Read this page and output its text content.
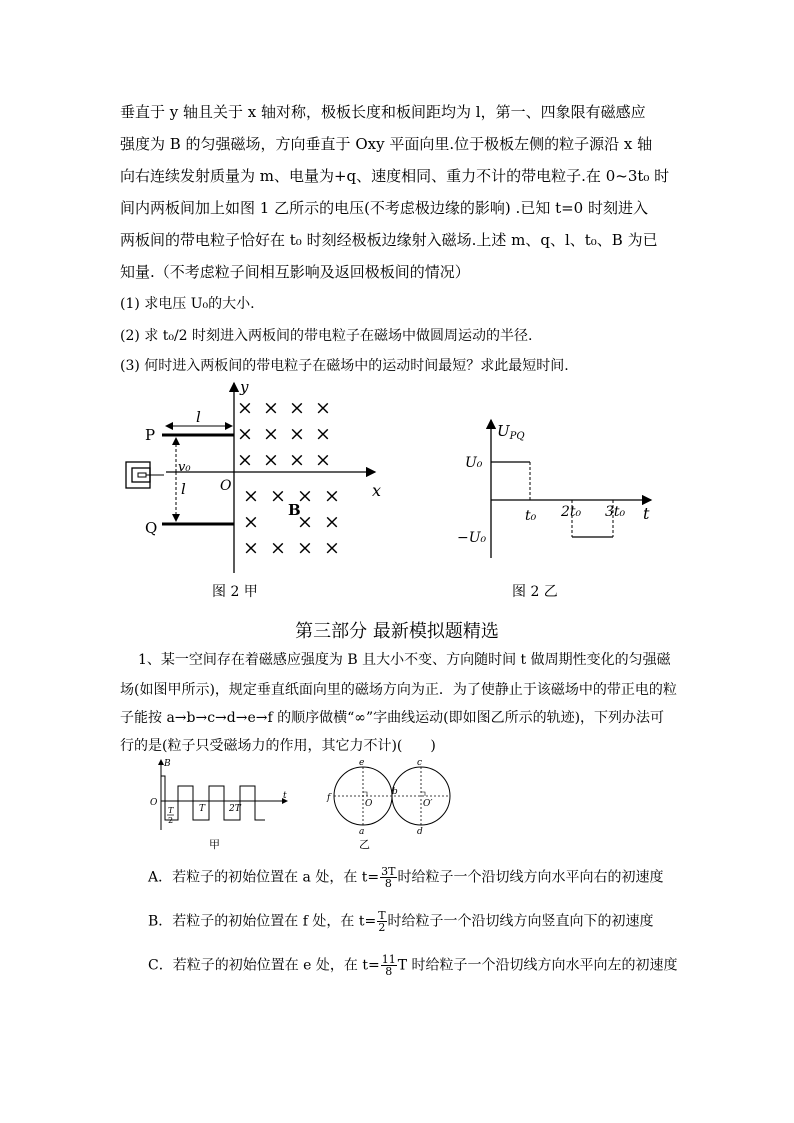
垂直于 y 轴且关于 x 轴对称，极板长度和板间距均为 l，第一、四象限有磁感应
强度为 B 的匀强磁场，方向垂直于 Oxy 平面向里.位于极板左侧的粒子源沿 x 轴
向右连续发射质量为 m、电量为+q、速度相同、重力不计的带电粒子.在 0~3t₀ 时
间内两板间加上如图 1 乙所示的电压(不考虑极边缘的影响) .已知 t=0 时刻进入
两板间的带电粒子恰好在 t₀ 时刻经极板边缘射入磁场.上述 m、q、l、t₀、B 为已
知量.（不考虑粒子间相互影响及返回极板间的情况）
(1) 求电压 U₀的大小.
(2) 求 t₀/2 时刻进入两板间的带电粒子在磁场中做圆周运动的半径.
(3) 何时进入两板间的带电粒子在磁场中的运动时间最短？求此最短时间.
y
x
O
P
Q
l
l
v₀
× × × ×
× × × ×
× × × ×
× × × ×
× × ×
× × × ×
B
图 2 甲
$U_{PQ}$
t
U₀
−U₀
t₀ 2t₀ 3t₀
图 2 乙
第三部分 最新模拟题精选
1、某一空间存在着磁感应强度为 B 且大小不变、方向随时间 t 做周期性变化的匀强磁
场(如图甲所示)，规定垂直纸面向里的磁场方向为正．为了使静止于该磁场中的带正电的粒
子能按 a→b→c→d→e→f 的顺序做横“∞”字曲线运动(即如图乙所示的轨迹)，下列办法可
行的是(粒子只受磁场力的作用，其它力不计)(　　)
B
O
t
T
2
T	2T
甲
e
f
a
b
c
d
O	O′
乙
A．若粒子的初始位置在 a 处，在 $t= \frac{3T}{8}$ 时给粒子一个沿切线方向水平向右的初速度
B．若粒子的初始位置在 f 处，在 $t= \frac{T}{2}$ 时给粒子一个沿切线方向竖直向下的初速度
C．若粒子的初始位置在 e 处，在 $t= \frac{11}{8}$ T 时给粒子一个沿切线方向水平向左的初速度
